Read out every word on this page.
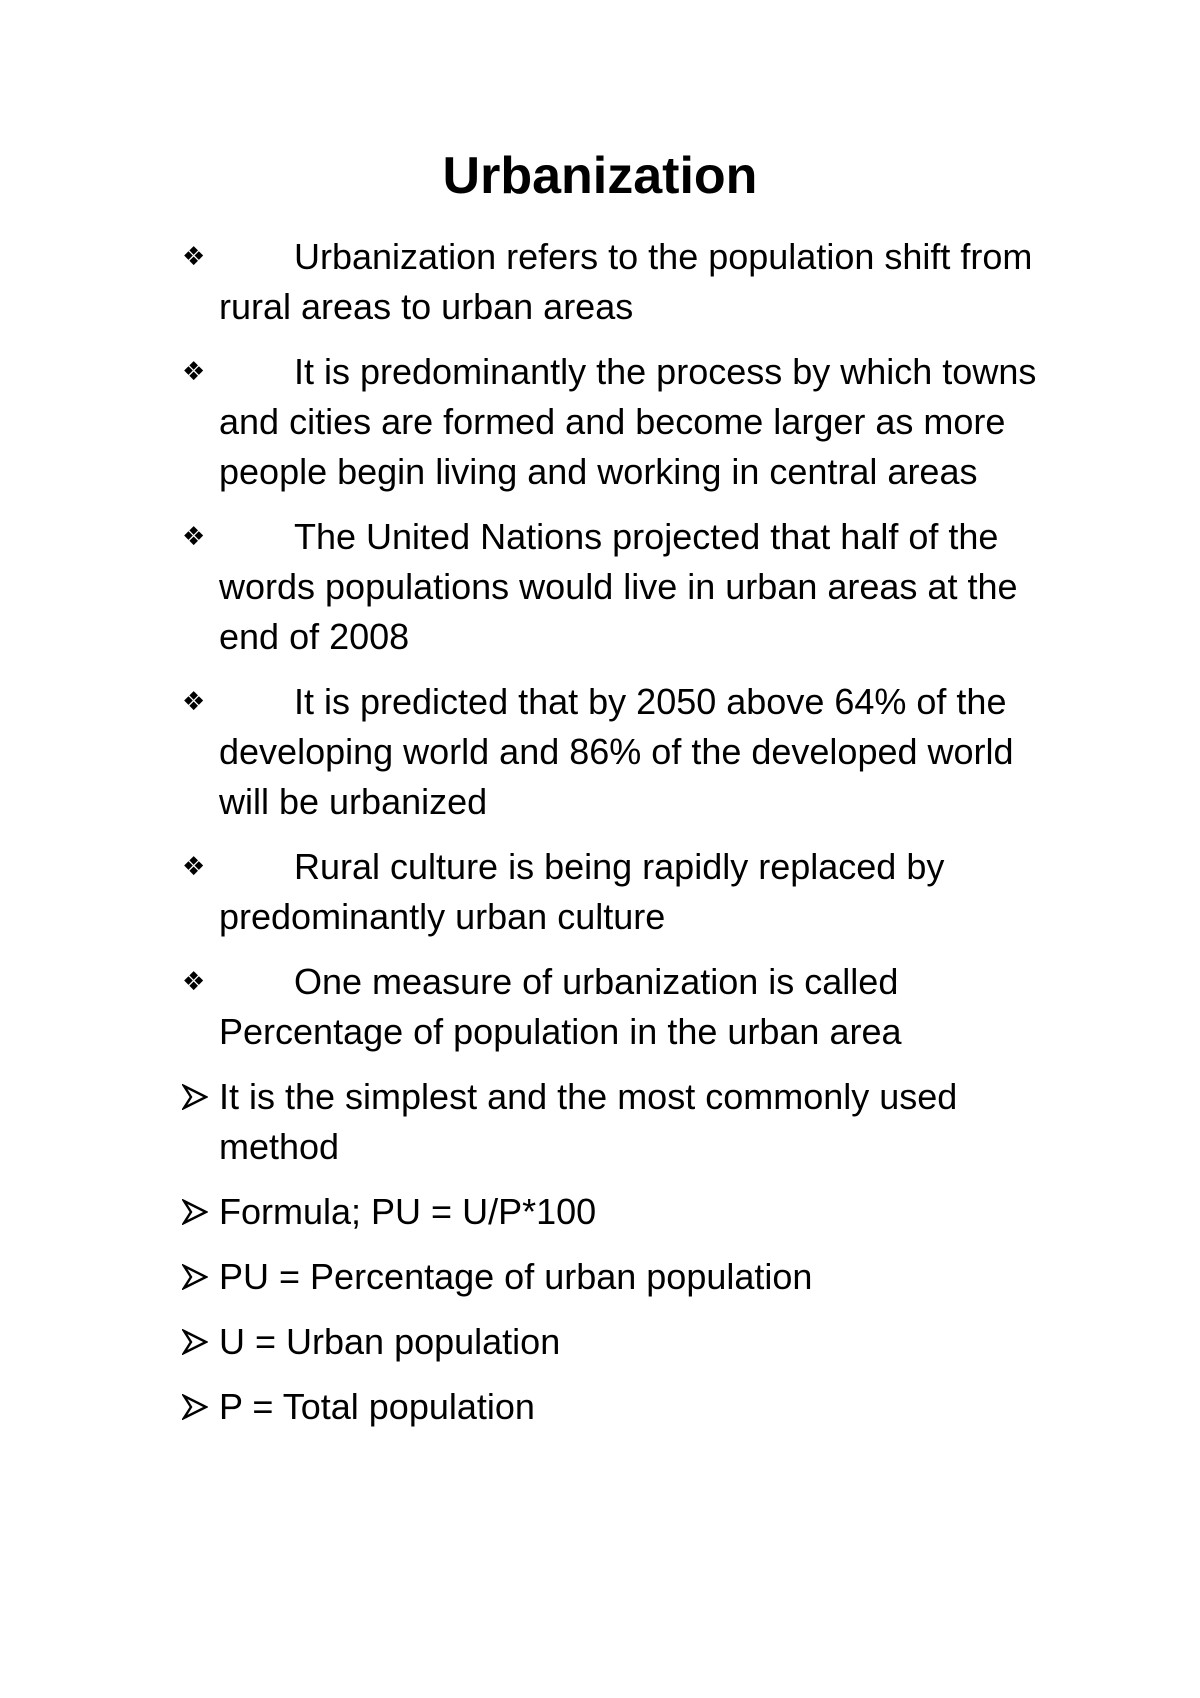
Urbanization
❖ Urbanization refers to the population shift from rural areas to urban areas
❖ It is predominantly the process by which towns and cities are formed and become larger as more people begin living and working in central areas
❖ The United Nations projected that half of the words populations would live in urban areas at the end of 2008
❖ It is predicted that by 2050 above 64% of the developing world and 86% of the developed world will be urbanized
❖ Rural culture is being rapidly replaced by predominantly urban culture
❖ One measure of urbanization is called Percentage of population in the urban area
It is the simplest and the most commonly used method
Formula; PU = U/P*100
PU = Percentage of urban population
U = Urban population
P = Total population
